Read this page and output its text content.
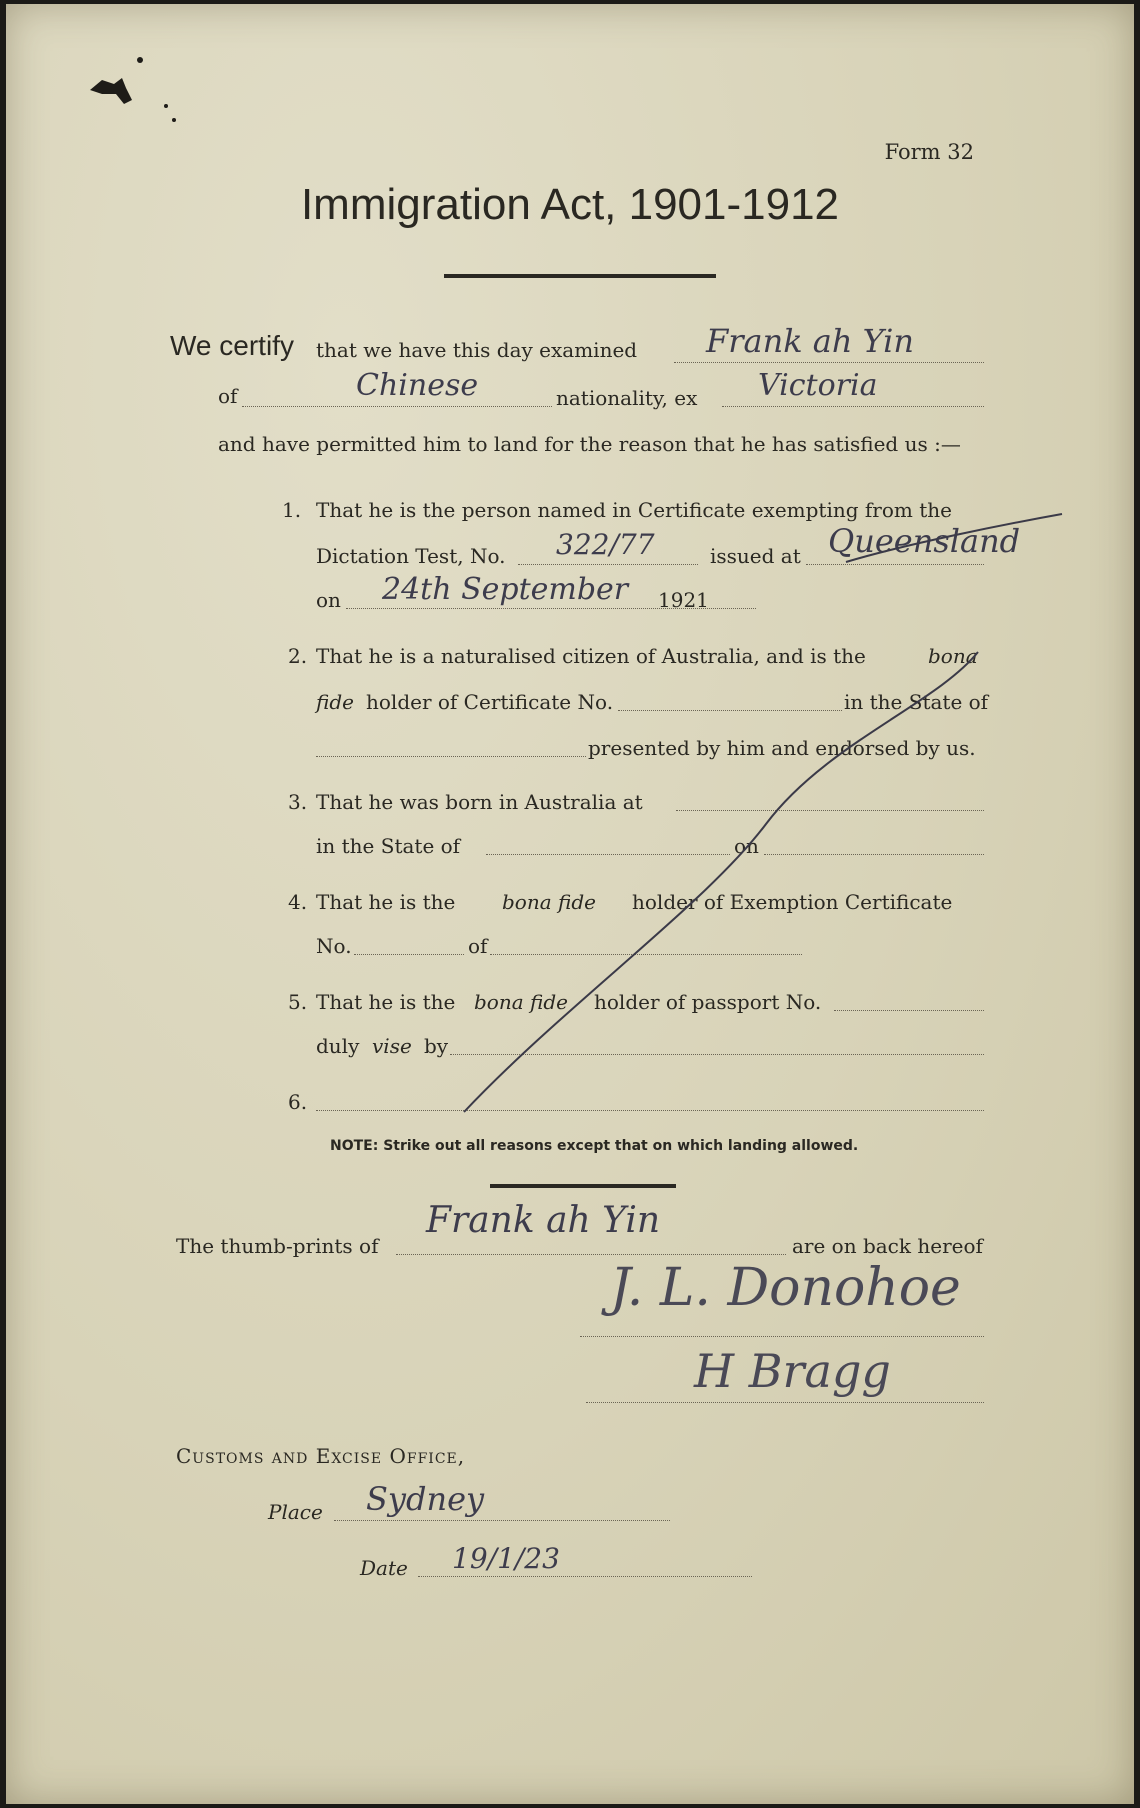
Form 32
Immigration Act, 1901-1912
We certify that we have this day examined Frank ah Yin
of	Chinese	nationality, ex Victoria
and have permitted him to land for the reason that he has satisfied us :—
1. That he is the person named in Certificate exempting from the
Dictation Test, No. 322/77	issued at Queensland
on 24th September 1921
2. That he is a naturalised citizen of Australia, and is the	bona
fide holder of Certificate No.	in the State of
presented by him and endorsed by us.
3. That he was born in Australia at
in the State of	on
4. That he is the bona fide holder of Exemption Certificate
No.	of
5. That he is the bona fide holder of passport No.
duly vise by
6.
NOTE: Strike out all reasons except that on which landing allowed.
The thumb-prints of
Frank ah Yin
are on back hereof
J. L. Donohoe
H Bragg
Customs and Excise Office,
Place Sydney
Date 19/1/23
